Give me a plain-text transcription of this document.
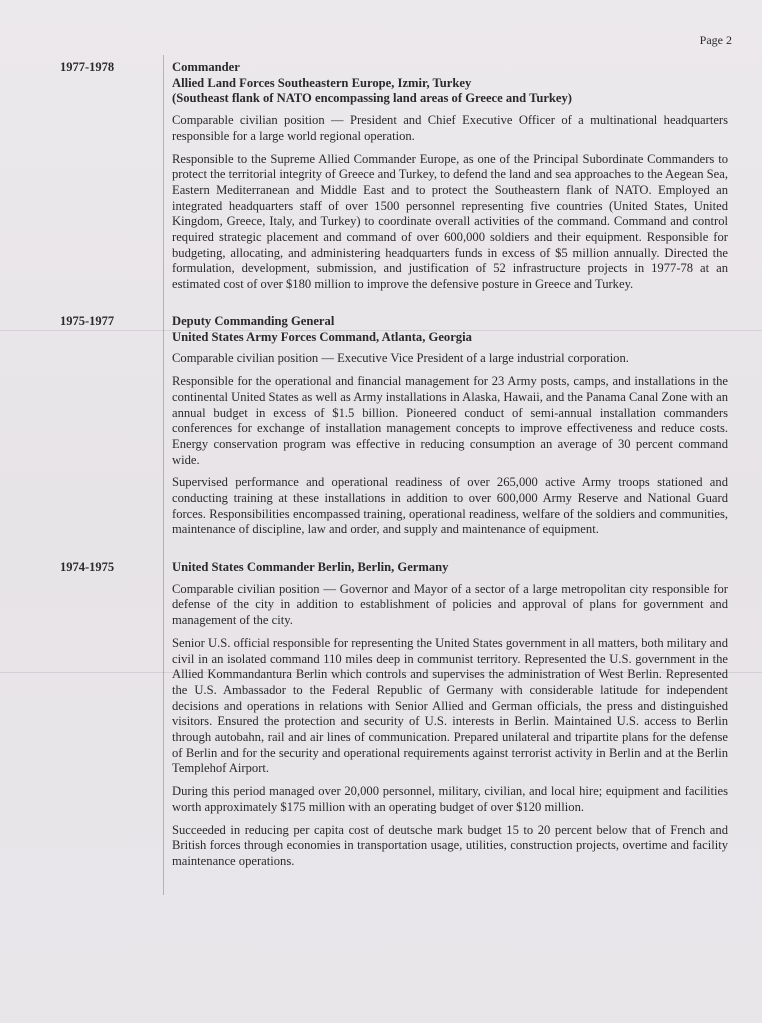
Page 2
1977-1978	Commander

Allied Land Forces Southeastern Europe, Izmir, Turkey

(Southeast flank of NATO encompassing land areas of Greece and Turkey)

Comparable civilian position — President and Chief Executive Officer of a multinational headquarters responsible for a large world regional operation.

Responsible to the Supreme Allied Commander Europe, as one of the Principal Subordinate Commanders to protect the territorial integrity of Greece and Turkey, to defend the land and sea approaches to the Aegean Sea, Eastern Mediterranean and Middle East and to protect the Southeastern flank of NATO. Employed an integrated headquarters staff of over 1500 personnel representing five countries (United States, United Kingdom, Greece, Italy, and Turkey) to coordinate overall activities of the command. Command and control required strategic placement and command of over 600,000 soldiers and their equipment. Responsible for budgeting, allocating, and administering headquarters funds in excess of $5 million annually. Directed the formulation, development, submission, and justification of 52 infrastructure projects in 1977-78 at an estimated cost of over $180 million to improve the defensive posture in Greece and Turkey.

1975-1977	Deputy Commanding General

United States Army Forces Command, Atlanta, Georgia

Comparable civilian position — Executive Vice President of a large industrial corporation.

Responsible for the operational and financial management for 23 Army posts, camps, and installations in the continental United States as well as Army installations in Alaska, Hawaii, and the Panama Canal Zone with an annual budget in excess of $1.5 billion. Pioneered conduct of semi-annual installation commanders conferences for exchange of installation management concepts to improve effectiveness and reduce costs. Energy conservation program was effective in reducing consumption an average of 30 percent command wide.

Supervised performance and operational readiness of over 265,000 active Army troops stationed and conducting training at these installations in addition to over 600,000 Army Reserve and National Guard forces. Responsibilities encompassed training, operational readiness, welfare of the soldiers and communities, maintenance of discipline, law and order, and supply and maintenance of equipment.

1974-1975	United States Commander Berlin, Berlin, Germany

Comparable civilian position — Governor and Mayor of a sector of a large metropolitan city responsible for defense of the city in addition to establishment of policies and approval of plans for government and management of the city.

Senior U.S. official responsible for representing the United States government in all matters, both military and civil in an isolated command 110 miles deep in communist territory. Represented the U.S. government in the Allied Kommandantura Berlin which controls and supervises the administration of West Berlin. Represented the U.S. Ambassador to the Federal Republic of Germany with considerable latitude for independent decisions and operations in relations with Senior Allied and German officials, the press and distinguished visitors. Ensured the protection and security of U.S. interests in Berlin. Maintained U.S. access to Berlin through autobahn, rail and air lines of communication. Prepared unilateral and tripartite plans for the defense of Berlin and for the security and operational requirements against terrorist activity in Berlin and at the Berlin Templehof Airport.

During this period managed over 20,000 personnel, military, civilian, and local hire; equipment and facilities worth approximately $175 million with an operating budget of over $120 million.

Succeeded in reducing per capita cost of deutsche mark budget 15 to 20 percent below that of French and British forces through economies in transportation usage, utilities, construction projects, overtime and facility maintenance operations.
